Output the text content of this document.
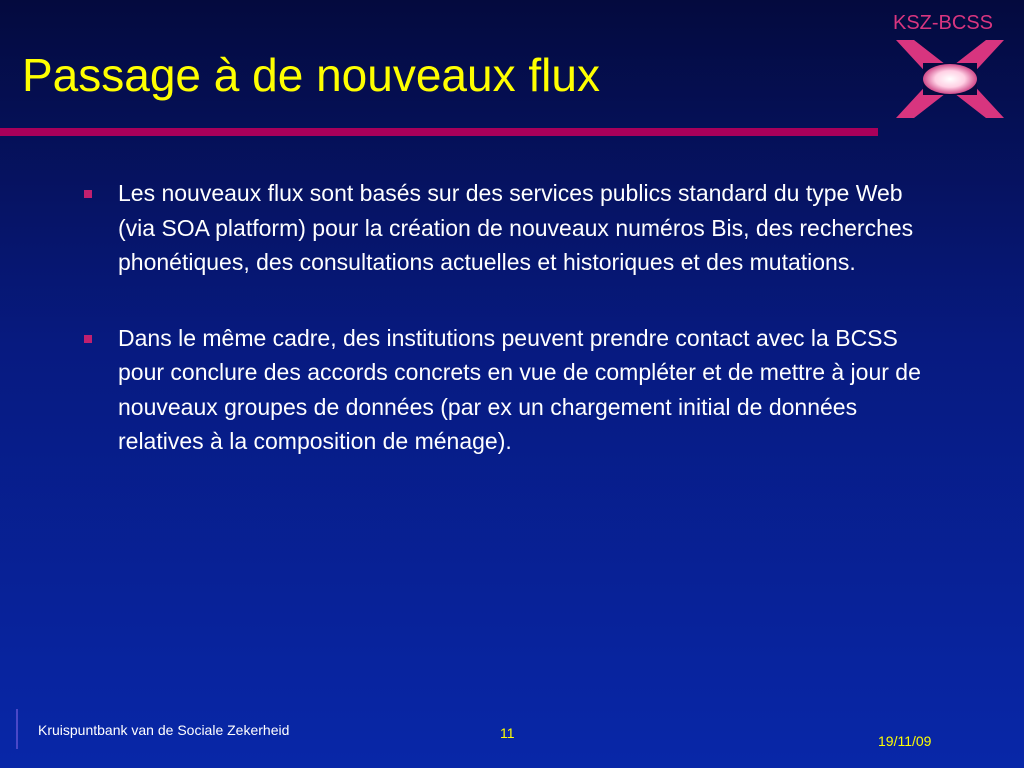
Passage à de nouveaux flux
KSZ-BCSS
Les nouveaux flux sont basés sur des services publics standard du type Web (via SOA platform) pour la création de nouveaux numéros Bis, des recherches phonétiques, des consultations actuelles et historiques et des mutations.
Dans le même cadre, des institutions peuvent prendre contact avec la BCSS pour conclure des accords concrets en vue de compléter et de mettre à jour de nouveaux groupes de données (par ex un chargement initial de données relatives à la composition de ménage).
Kruispuntbank van de Sociale Zekerheid	11	19/11/09
